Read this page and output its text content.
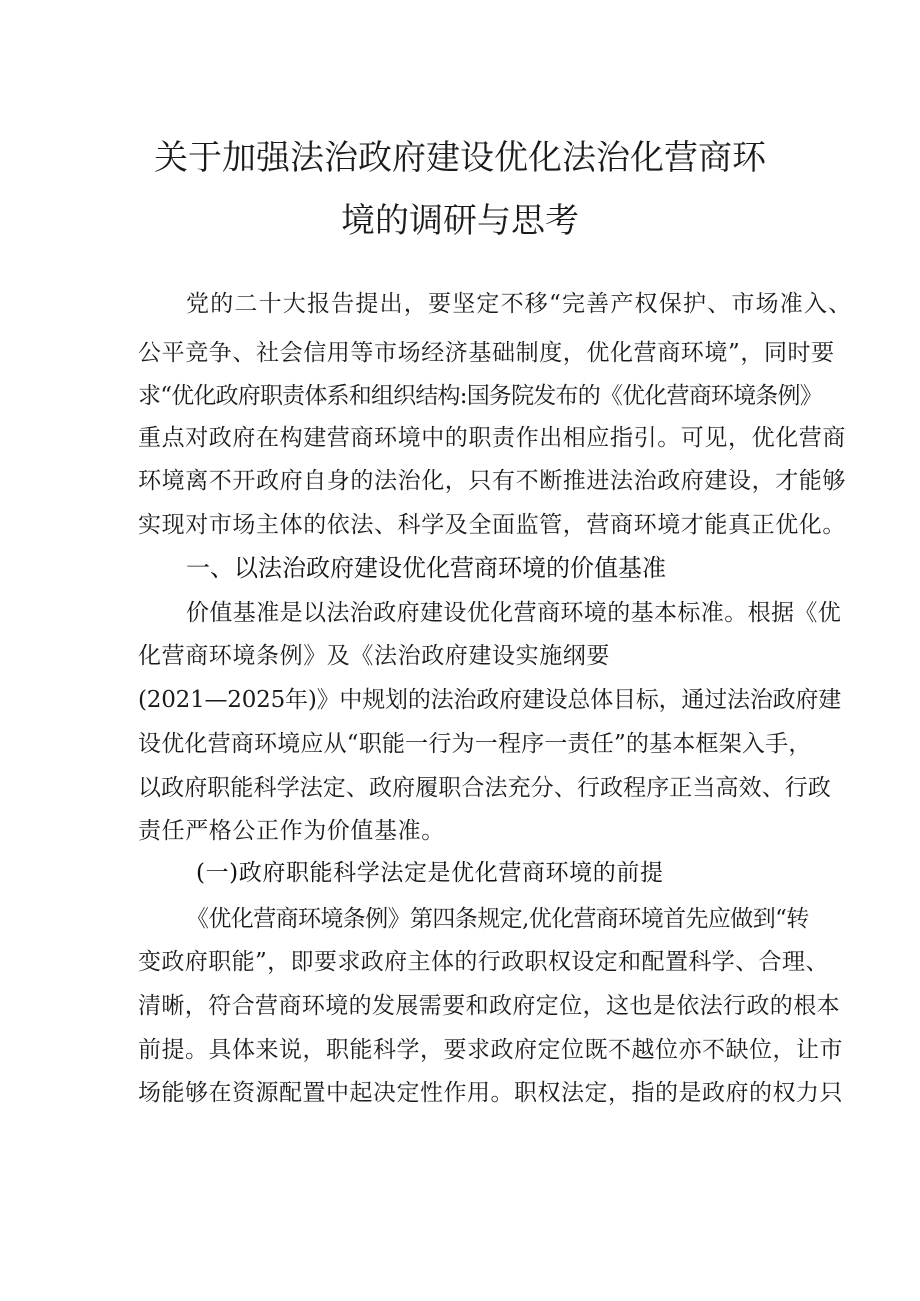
关于加强法治政府建设优化法治化营商环
境的调研与思考
党的二十大报告提出，要坚定不移“完善产权保护、市场准入、
公平竞争、社会信用等市场经济基础制度，优化营商环境”，同时要
求“优化政府职责体系和组织结构:国务院发布的《优化营商环境条例》
重点对政府在构建营商环境中的职责作出相应指引。可见，优化营商
环境离不开政府自身的法治化，只有不断推进法治政府建设，才能够
实现对市场主体的依法、科学及全面监管，营商环境才能真正优化。
一、以法治政府建设优化营商环境的价值基准
价值基准是以法治政府建设优化营商环境的基本标准。根据《优
化营商环境条例》及《法治政府建设实施纲要
(2021—2025年)》中规划的法治政府建设总体目标，通过法治政府建
设优化营商环境应从“职能一行为一程序一责任”的基本框架入手，
以政府职能科学法定、政府履职合法充分、行政程序正当高效、行政
责任严格公正作为价值基准。
(一)政府职能科学法定是优化营商环境的前提
《优化营商环境条例》第四条规定,优化营商环境首先应做到“转
变政府职能”，即要求政府主体的行政职权设定和配置科学、合理、
清晰，符合营商环境的发展需要和政府定位，这也是依法行政的根本
前提。具体来说，职能科学，要求政府定位既不越位亦不缺位，让市
场能够在资源配置中起决定性作用。职权法定，指的是政府的权力只
